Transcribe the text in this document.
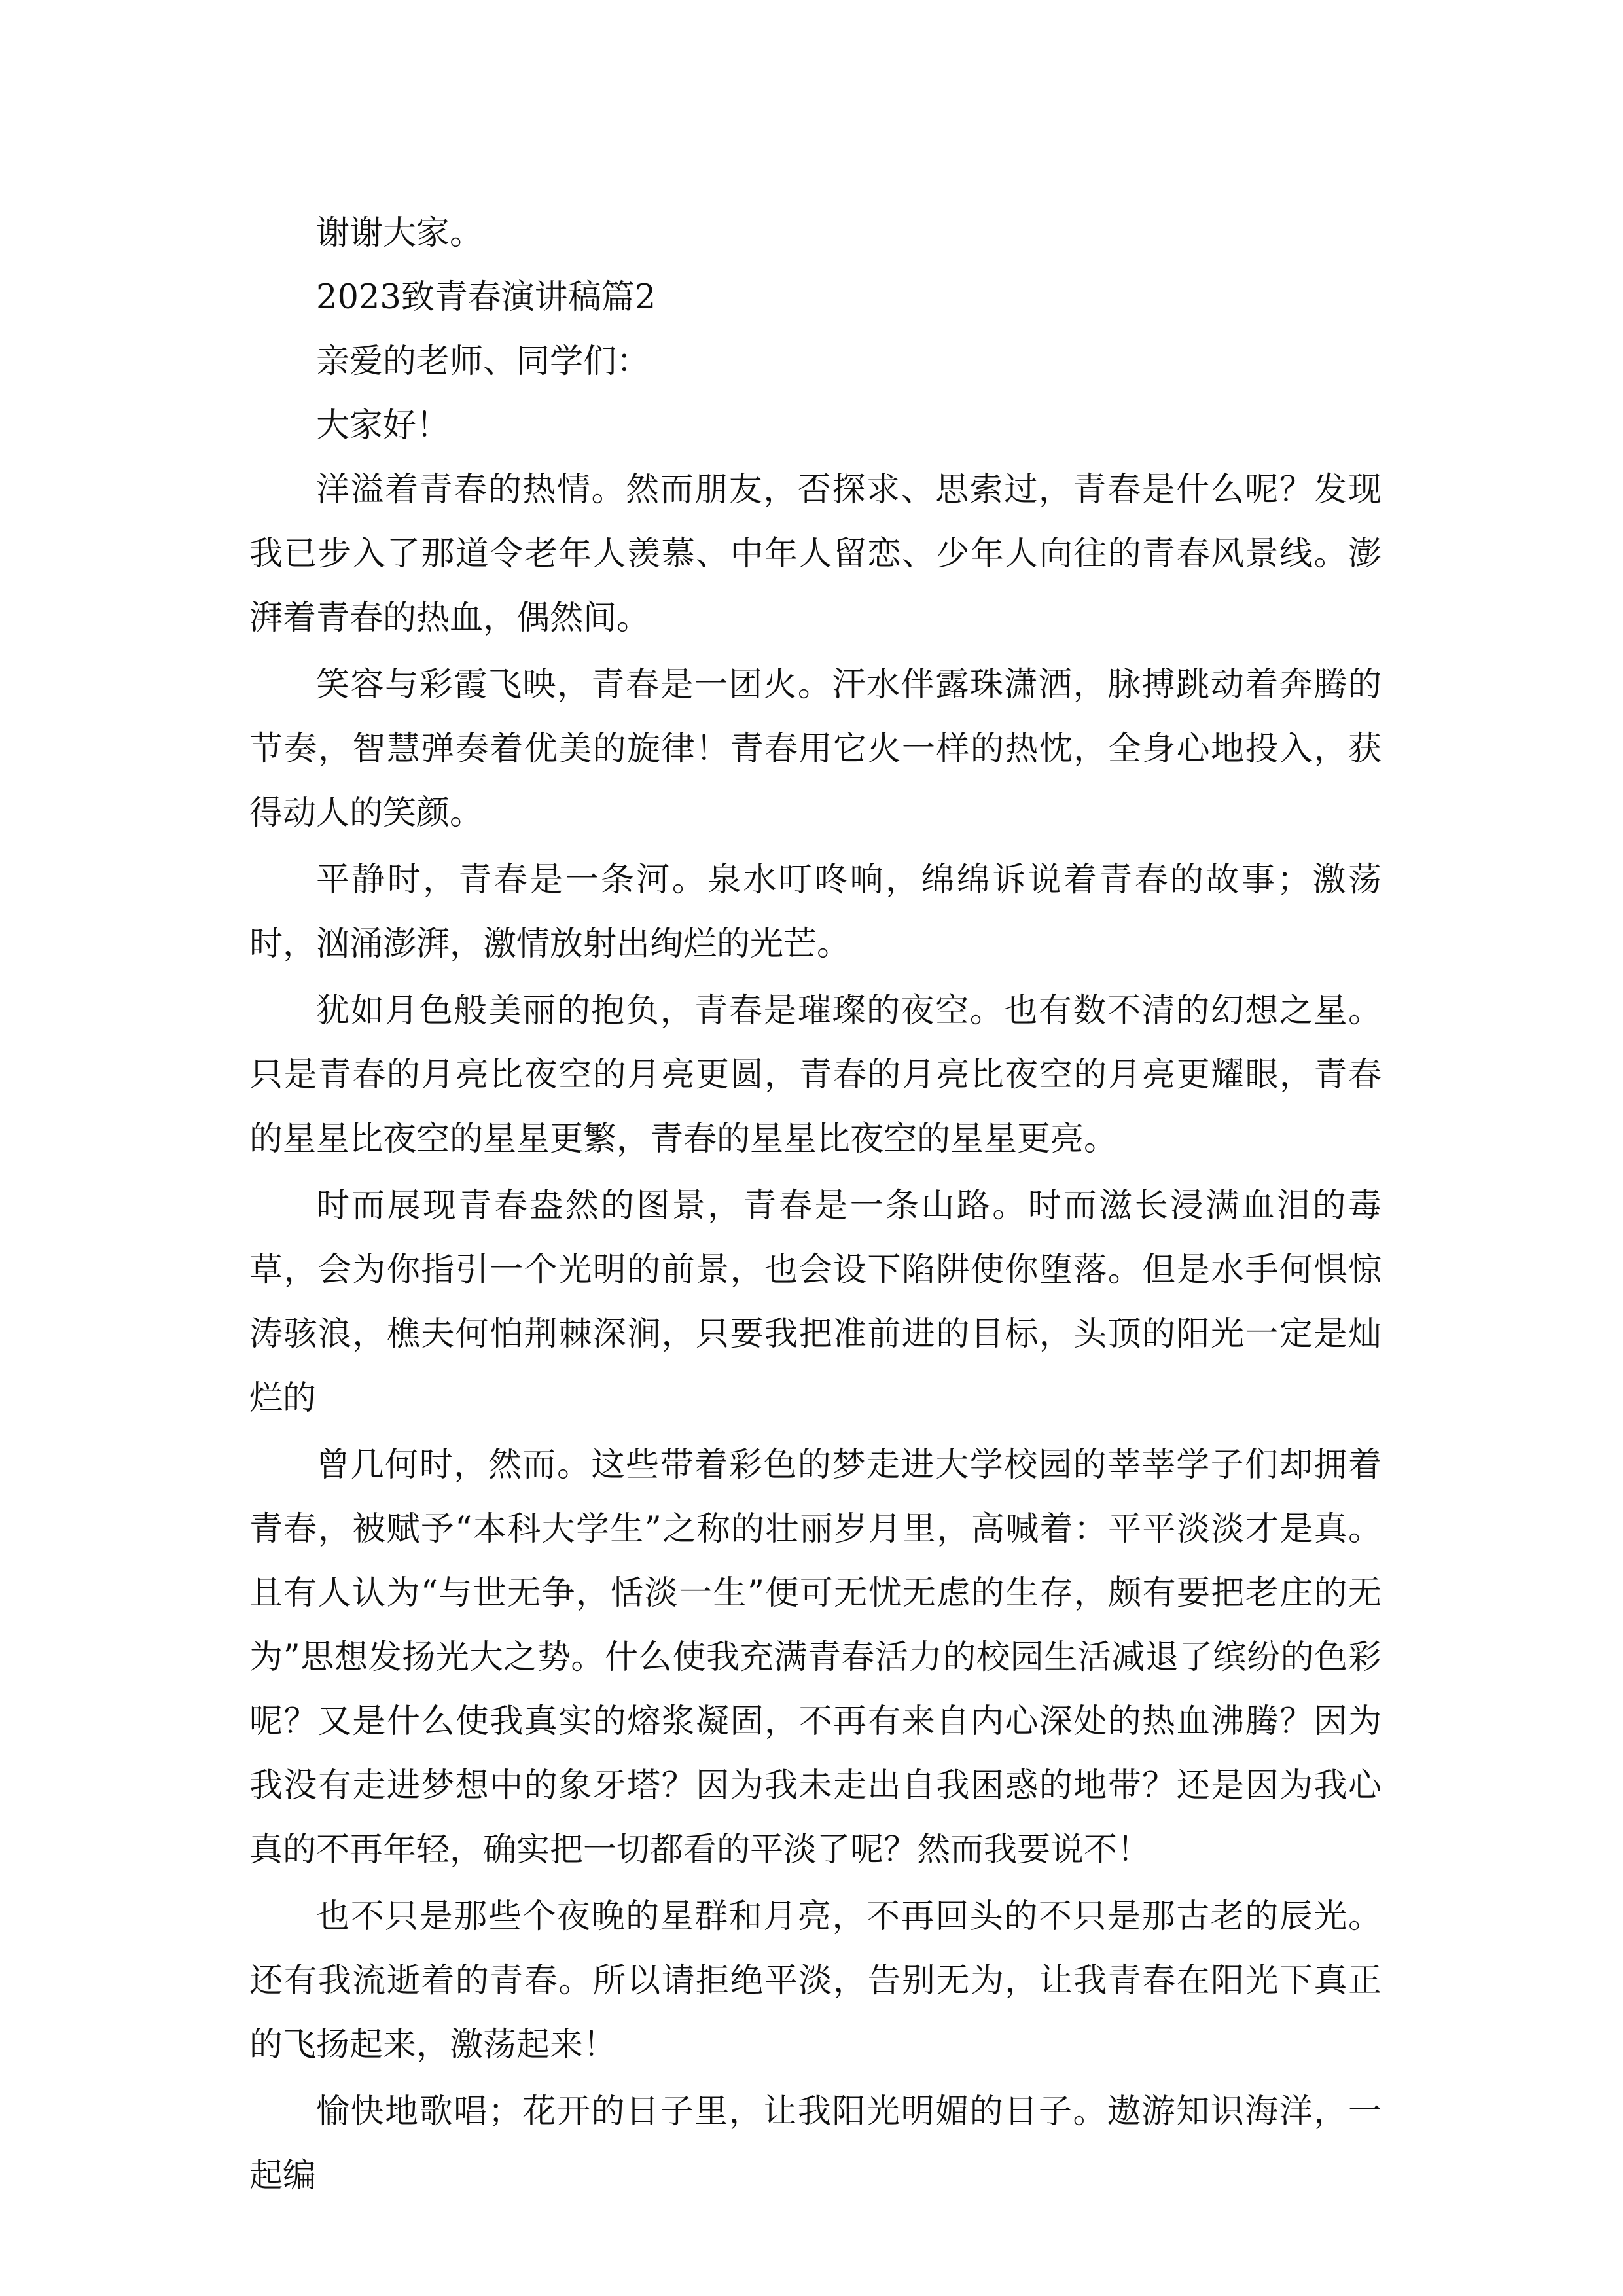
谢谢大家。

2023致青春演讲稿篇2

亲爱的老师、同学们：

大家好！

洋溢着青春的热情。然而朋友，否探求、思索过，青春是什么呢？发现我已步入了那道令老年人羡慕、中年人留恋、少年人向往的青春风景线。澎湃着青春的热血，偶然间。

笑容与彩霞飞映，青春是一团火。汗水伴露珠潇洒，脉搏跳动着奔腾的节奏，智慧弹奏着优美的旋律！青春用它火一样的热忱，全身心地投入，获得动人的笑颜。

平静时，青春是一条河。泉水叮咚响，绵绵诉说着青春的故事；激荡时，汹涌澎湃，激情放射出绚烂的光芒。

犹如月色般美丽的抱负，青春是璀璨的夜空。也有数不清的幻想之星。只是青春的月亮比夜空的月亮更圆，青春的月亮比夜空的月亮更耀眼，青春的星星比夜空的星星更繁，青春的星星比夜空的星星更亮。

时而展现青春盎然的图景，青春是一条山路。时而滋长浸满血泪的毒草，会为你指引一个光明的前景，也会设下陷阱使你堕落。但是水手何惧惊涛骇浪，樵夫何怕荆棘深涧，只要我把准前进的目标，头顶的阳光一定是灿烂的

曾几何时，然而。这些带着彩色的梦走进大学校园的莘莘学子们却拥着青春，被赋予“本科大学生”之称的壮丽岁月里，高喊着：平平淡淡才是真。且有人认为“与世无争，恬淡一生”便可无忧无虑的生存，颇有要把老庄的无为”思想发扬光大之势。什么使我充满青春活力的校园生活减退了缤纷的色彩呢？又是什么使我真实的熔浆凝固，不再有来自内心深处的热血沸腾？因为我没有走进梦想中的象牙塔？因为我未走出自我困惑的地带？还是因为我心真的不再年轻，确实把一切都看的平淡了呢？然而我要说不！

也不只是那些个夜晚的星群和月亮，不再回头的不只是那古老的辰光。还有我流逝着的青春。所以请拒绝平淡，告别无为，让我青春在阳光下真正的飞扬起来，激荡起来！

愉快地歌唱；花开的日子里，让我阳光明媚的日子。遨游知识海洋，一起编
